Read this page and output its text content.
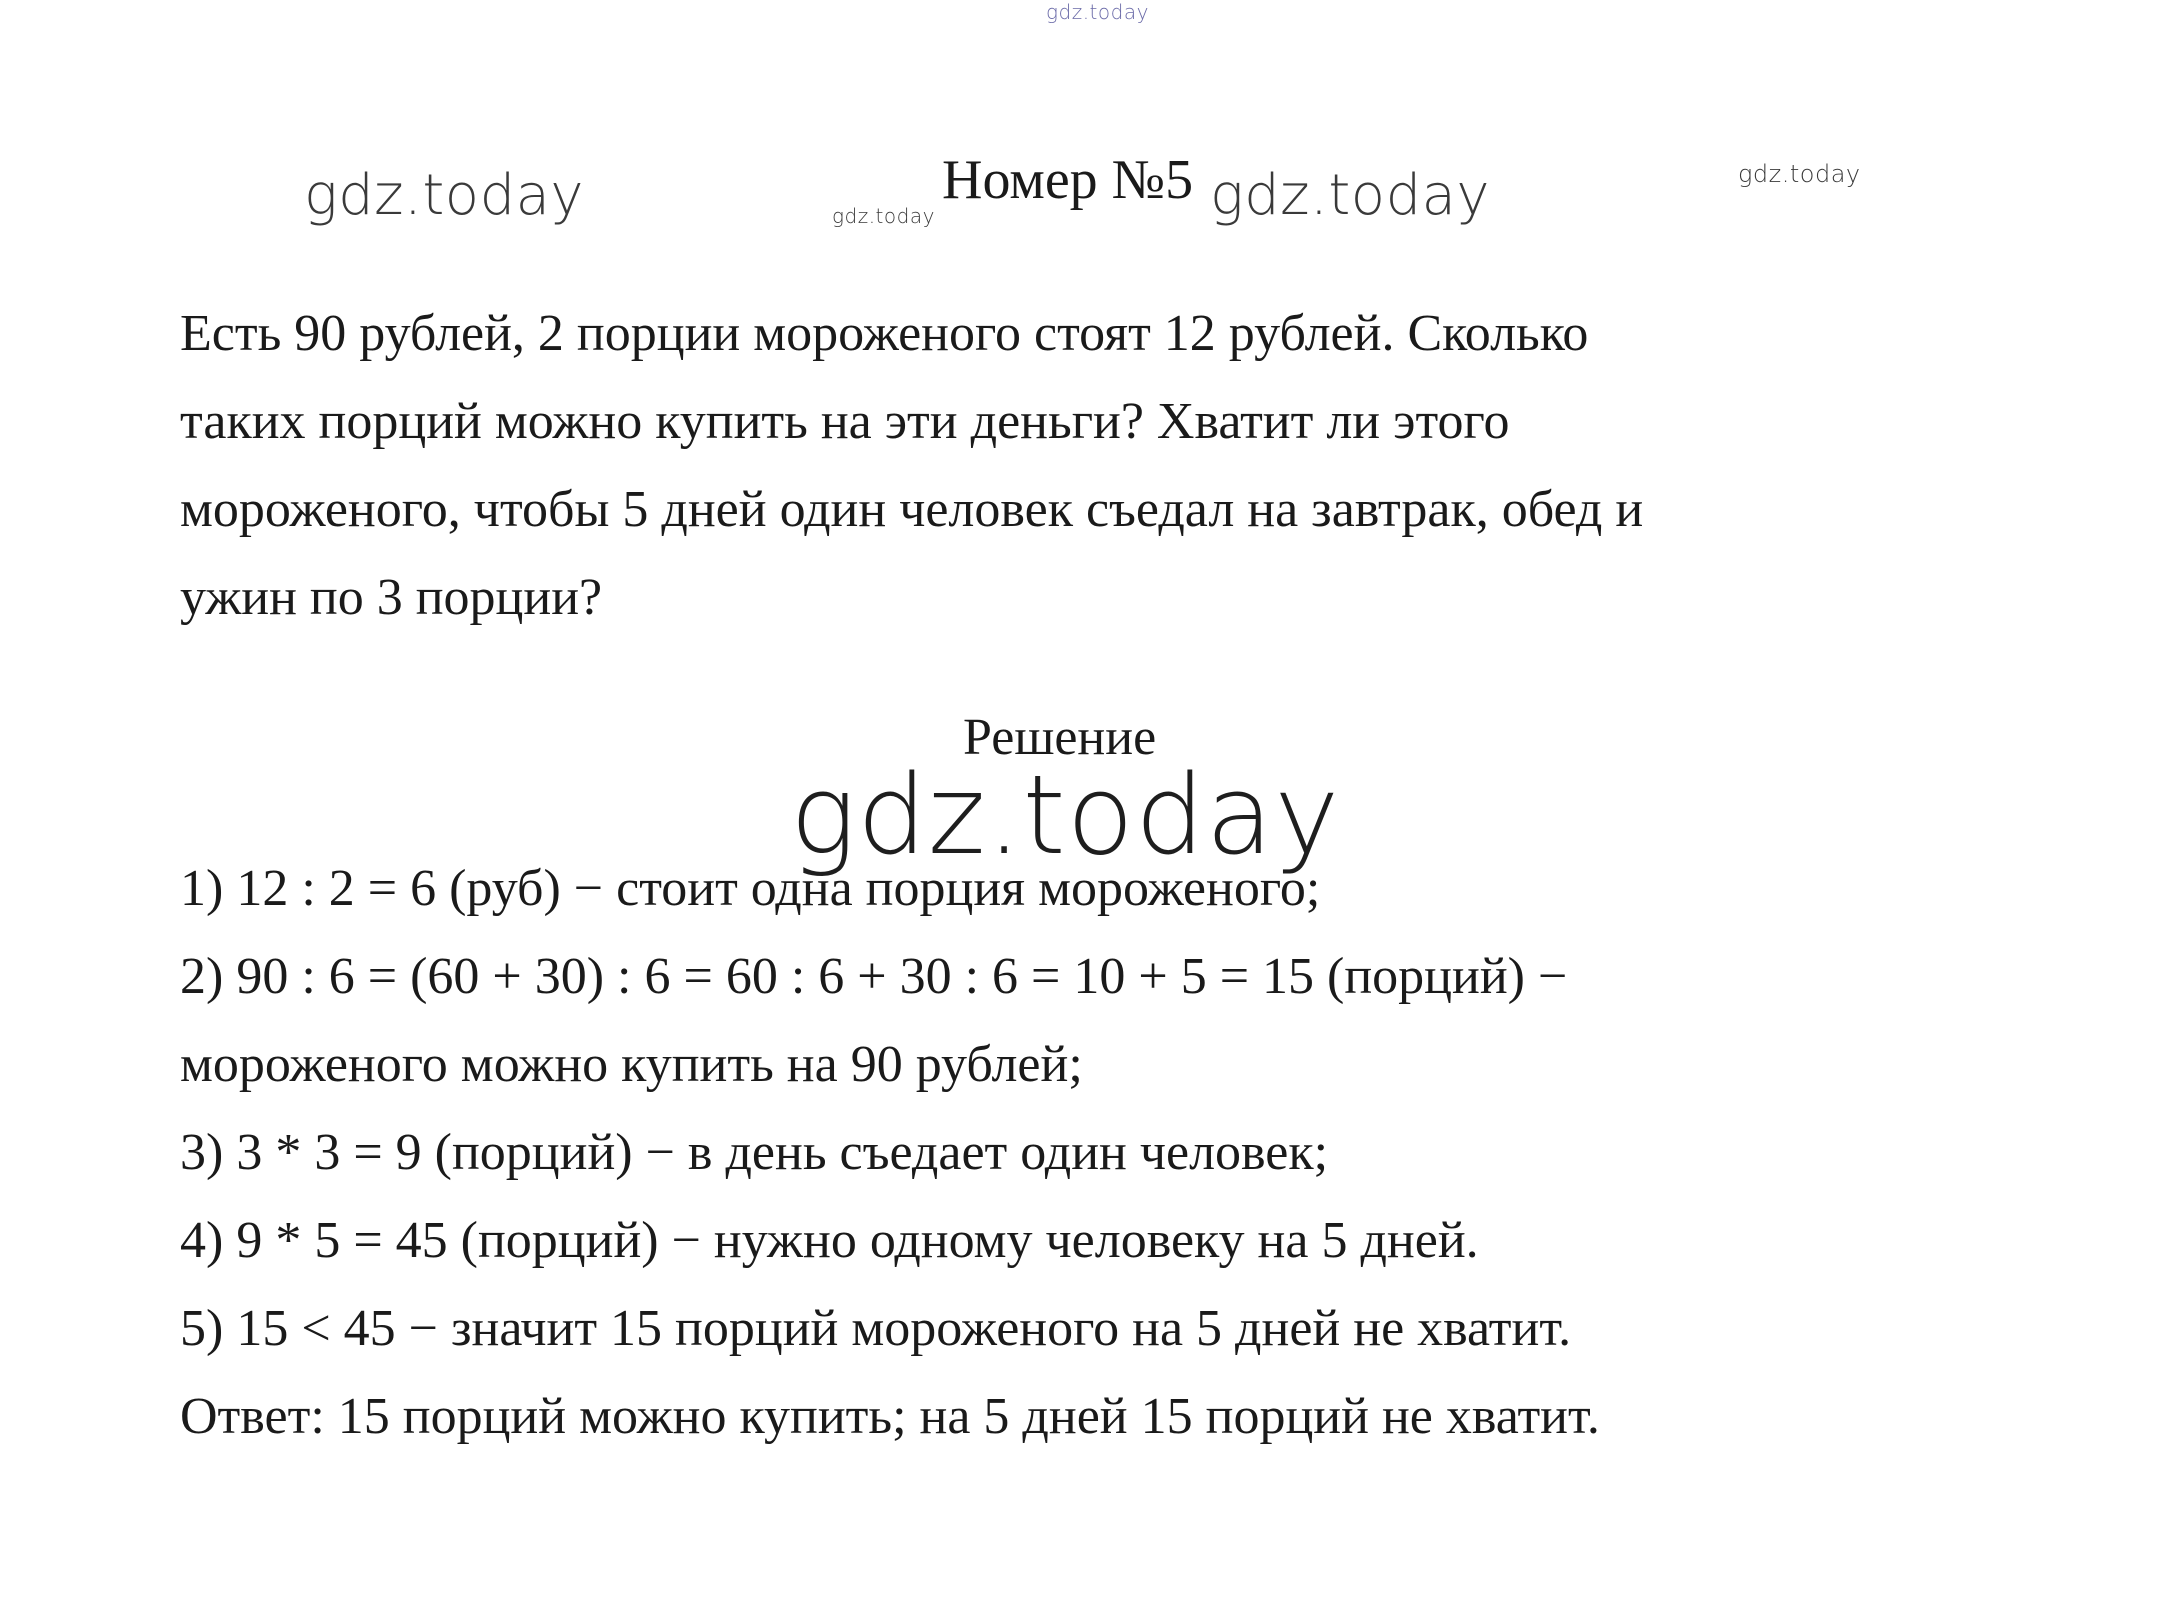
gdz.today
gdz.today	gdz.today
Номер №5 gdz.today	gdz.today

Есть 90 рублей, 2 порции мороженого стоят 12 рублей. Сколько

таких порций можно купить на эти деньги? Хватит ли этого

мороженого, чтобы 5 дней один человек съедал на завтрак, обед и

ужин по 3 порции?

Решение
gdz.today

1) 12 : 2 = 6 (руб) − стоит одна порция мороженого;

2) 90 : 6 = (60 + 30) : 6 = 60 : 6 + 30 : 6 = 10 + 5 = 15 (порций) −

мороженого можно купить на 90 рублей;

3) 3 * 3 = 9 (порций) − в день съедает один человек;

4) 9 * 5 = 45 (порций) − нужно одному человеку на 5 дней.

5) 15 < 45 − значит 15 порций мороженого на 5 дней не хватит.

Ответ: 15 порций можно купить; на 5 дней 15 порций не хватит.
